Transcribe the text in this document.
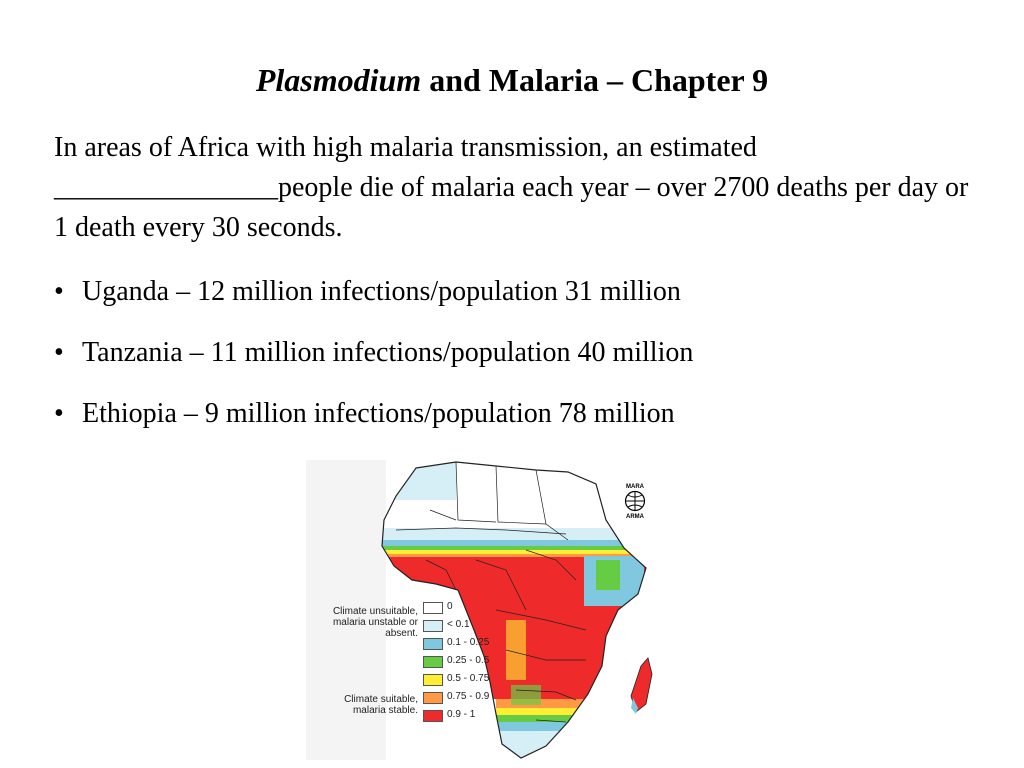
Plasmodium and Malaria – Chapter 9

In areas of Africa with high malaria transmission, an estimated ________________people die of malaria each year – over 2700 deaths per day or 1 death every 30 seconds.

• Uganda – 12 million infections/population 31 million
• Tanzania – 11 million infections/population 40 million
• Ethiopia – 9 million infections/population 78 million
MARA
ARMA
Climate unsuitable, malaria unstable or absent.
Climate suitable, malaria stable.
0
< 0.1
0.1 - 0.25
0.25 - 0.5
0.5 - 0.75
0.75 - 0.9
0.9 - 1
